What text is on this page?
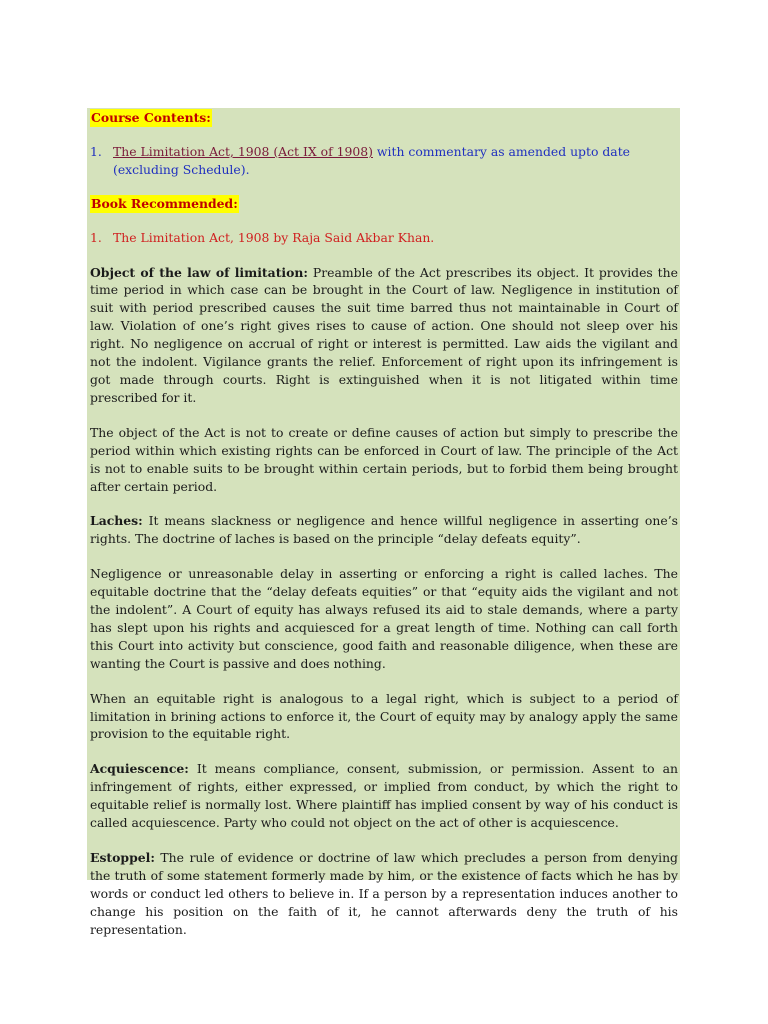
Course Contents:
1. The Limitation Act, 1908 (Act IX of 1908) with commentary as amended upto date (excluding Schedule).
Book Recommended:
1. The Limitation Act, 1908 by Raja Said Akbar Khan.

Object of the law of limitation: Preamble of the Act prescribes its object. It provides the time period in which case can be brought in the Court of law. Negligence in institution of suit with period prescribed causes the suit time barred thus not maintainable in Court of law. Violation of one’s right gives rises to cause of action. One should not sleep over his right. No negligence on accrual of right or interest is permitted. Law aids the vigilant and not the indolent. Vigilance grants the relief. Enforcement of right upon its infringement is got made through courts. Right is extinguished when it is not litigated within time prescribed for it.

The object of the Act is not to create or define causes of action but simply to prescribe the period within which existing rights can be enforced in Court of law. The principle of the Act is not to enable suits to be brought within certain periods, but to forbid them being brought after certain period.

Laches: It means slackness or negligence and hence willful negligence in asserting one’s rights. The doctrine of laches is based on the principle “delay defeats equity”.

Negligence or unreasonable delay in asserting or enforcing a right is called laches. The equitable doctrine that the “delay defeats equities” or that “equity aids the vigilant and not the indolent”. A Court of equity has always refused its aid to stale demands, where a party has slept upon his rights and acquiesced for a great length of time. Nothing can call forth this Court into activity but conscience, good faith and reasonable diligence, when these are wanting the Court is passive and does nothing.

When an equitable right is analogous to a legal right, which is subject to a period of limitation in brining actions to enforce it, the Court of equity may by analogy apply the same provision to the equitable right.

Acquiescence: It means compliance, consent, submission, or permission. Assent to an infringement of rights, either expressed, or implied from conduct, by which the right to equitable relief is normally lost. Where plaintiff has implied consent by way of his conduct is called acquiescence. Party who could not object on the act of other is acquiescence.

Estoppel: The rule of evidence or doctrine of law which precludes a person from denying the truth of some statement formerly made by him, or the existence of facts which he has by words or conduct led others to believe in. If a person by a representation induces another to change his position on the faith of it, he cannot afterwards deny the truth of his representation.
